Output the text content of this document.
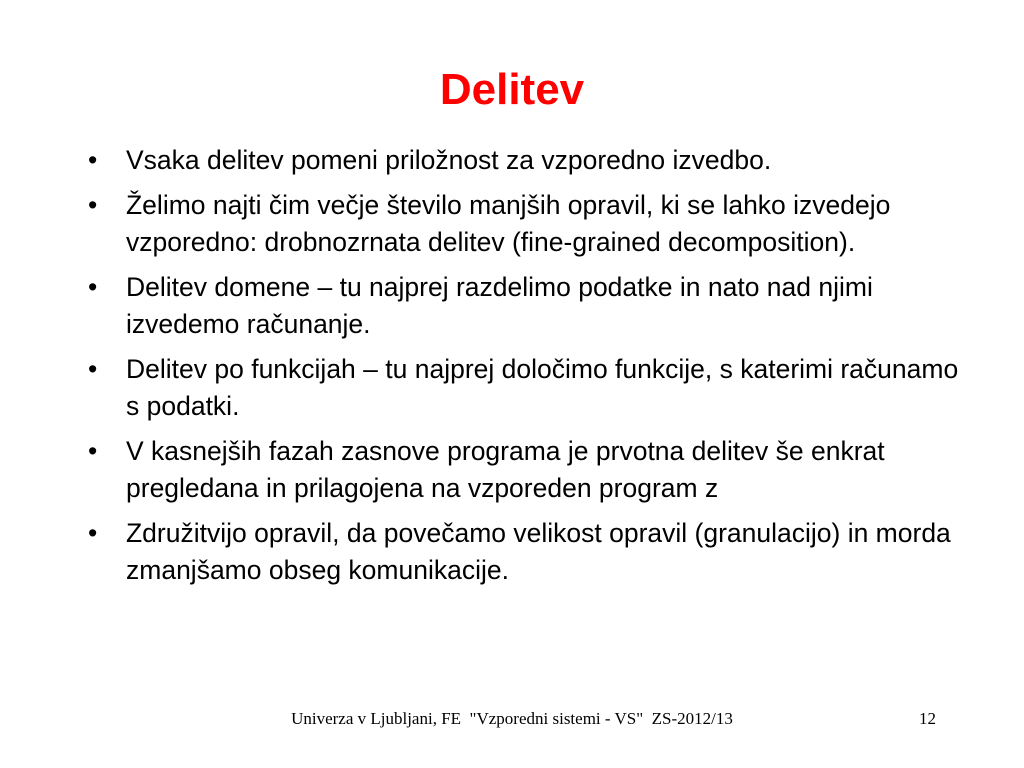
Delitev
• Vsaka delitev pomeni priložnost za vzporedno izvedbo.
• Želimo najti čim večje število manjših opravil, ki se lahko izvedejo vzporedno: drobnozrnata delitev (fine-grained decomposition).
• Delitev domene – tu najprej razdelimo podatke in nato nad njimi izvedemo računanje.
• Delitev po funkcijah – tu najprej določimo funkcije, s katerimi računamo s podatki.
• V kasnejših fazah zasnove programa je prvotna delitev še enkrat pregledana in prilagojena na vzporeden program z
• Združitvijo opravil, da povečamo velikost opravil (granulacijo) in morda zmanjšamo obseg komunikacije.
Univerza v Ljubljani, FE  "Vzporedni sistemi - VS"  ZS-2012/13	12
